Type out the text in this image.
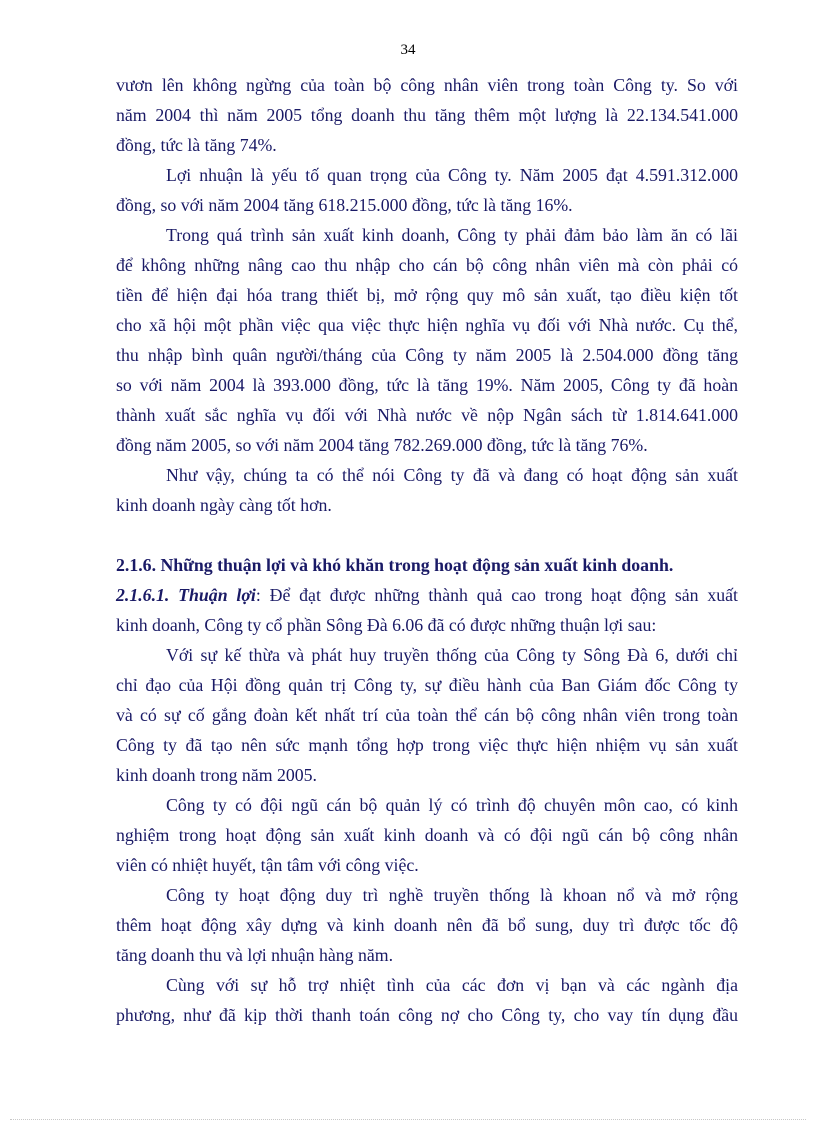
34

vươn lên không ngừng của toàn bộ công nhân viên trong toàn Công ty. So với

năm 2004 thì năm 2005 tổng doanh thu tăng thêm một lượng là 22.134.541.000

đồng, tức là tăng 74%.

Lợi nhuận là yếu tố quan trọng của Công ty. Năm 2005 đạt 4.591.312.000

đồng, so với năm 2004 tăng 618.215.000 đồng, tức là tăng 16%.

Trong quá trình sản xuất kinh doanh, Công ty phải đảm bảo làm ăn có lãi

để không những nâng cao thu nhập cho cán bộ công nhân viên mà còn phải có

tiền để hiện đại hóa trang thiết bị, mở rộng quy mô sản xuất, tạo điều kiện tốt

cho xã hội một phần việc qua việc thực hiện nghĩa vụ đối với Nhà nước. Cụ thể,

thu nhập bình quân người/tháng của Công ty năm 2005 là 2.504.000 đồng tăng

so với năm 2004 là 393.000 đồng, tức là tăng 19%. Năm 2005, Công ty đã hoàn

thành xuất sắc nghĩa vụ đối với Nhà nước về nộp Ngân sách từ 1.814.641.000

đồng năm 2005, so với năm 2004 tăng 782.269.000 đồng, tức là tăng 76%.

Như vậy, chúng ta có thể nói Công ty đã và đang có hoạt động sản xuất

kinh doanh ngày càng tốt hơn.

2.1.6. Những thuận lợi và khó khăn trong hoạt động sản xuất kinh doanh.

2.1.6.1. Thuận lợi: Để đạt được những thành quả cao trong hoạt động sản xuất

kinh doanh, Công ty cổ phần Sông Đà 6.06 đã có được những thuận lợi sau:

Với sự kế thừa và phát huy truyền thống của Công ty Sông Đà 6, dưới chỉ

chỉ đạo của Hội đồng quản trị Công ty, sự điều hành của Ban Giám đốc Công ty

và có sự cố gắng đoàn kết nhất trí của toàn thể cán bộ công nhân viên trong toàn

Công ty đã tạo nên sức mạnh tổng hợp trong việc thực hiện nhiệm vụ sản xuất

kinh doanh trong năm 2005.

Công ty có đội ngũ cán bộ quản lý có trình độ chuyên môn cao, có kinh

nghiệm trong hoạt động sản xuất kinh doanh và có đội ngũ cán bộ công nhân

viên có nhiệt huyết, tận tâm với công việc.

Công ty hoạt động duy trì nghề truyền thống là khoan nổ và mở rộng

thêm hoạt động xây dựng và kinh doanh nên đã bổ sung, duy trì được tốc độ

tăng doanh thu và lợi nhuận hàng năm.

Cùng với sự hỗ trợ nhiệt tình của các đơn vị bạn và các ngành địa

phương, như đã kịp thời thanh toán công nợ cho Công ty, cho vay tín dụng đầu
